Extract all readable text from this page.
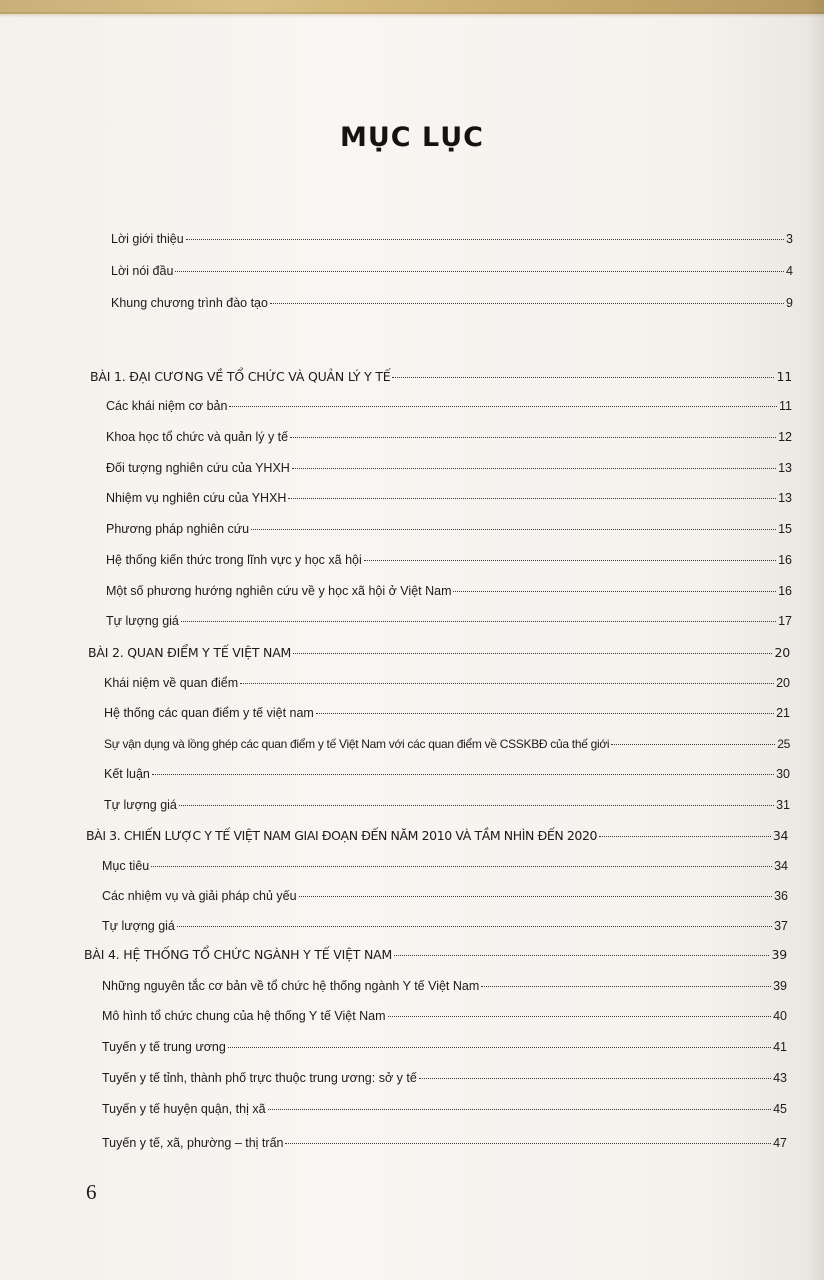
MỤC LỤC
Lời giới thiệu	3
Lời nói đầu	4
Khung chương trình đào tạo	9
BÀI 1. ĐẠI CƯƠNG VỀ TỔ CHỨC VÀ QUẢN LÝ Y TẾ	11
Các khái niệm cơ bản	11
Khoa học tổ chức và quản lý y tế	12
Đối tượng nghiên cứu của YHXH	13
Nhiệm vụ nghiên cứu của YHXH	13
Phương pháp nghiên cứu	15
Hệ thống kiến thức trong lĩnh vực y học xã hội	16
Một số phương hướng nghiên cứu về y học xã hội ở Việt Nam	16
Tự lượng giá	17
BÀI 2. QUAN ĐIỂM Y TẾ VIỆT NAM	20
Khái niệm về quan điểm	20
Hệ thống các quan điểm y tế việt nam	21
Sự vận dụng và lồng ghép các quan điểm y tế Việt Nam với các quan điểm về CSSKBĐ của thế giới	25
Kết luận	30
Tự lượng giá	31
BÀI 3. CHIẾN LƯỢC Y TẾ VIỆT NAM GIAI ĐOẠN ĐẾN NĂM 2010 VÀ TẦM NHÌN ĐẾN 2020	34
Mục tiêu	34
Các nhiệm vụ và giải pháp chủ yếu	36
Tự lượng giá	37
BÀI 4. HỆ THỐNG TỔ CHỨC NGÀNH Y TẾ VIỆT NAM	39
Những nguyên tắc cơ bản về tổ chức hệ thống ngành Y tế Việt Nam	39
Mô hình tổ chức chung của hệ thống Y tế Việt Nam	40
Tuyến y tế trung ương	41
Tuyến y tế tỉnh, thành phố trực thuộc trung ương: sở y tế	43
Tuyến y tế huyện quận, thị xã	45
Tuyến y tế, xã, phường – thị trấn	47
6
